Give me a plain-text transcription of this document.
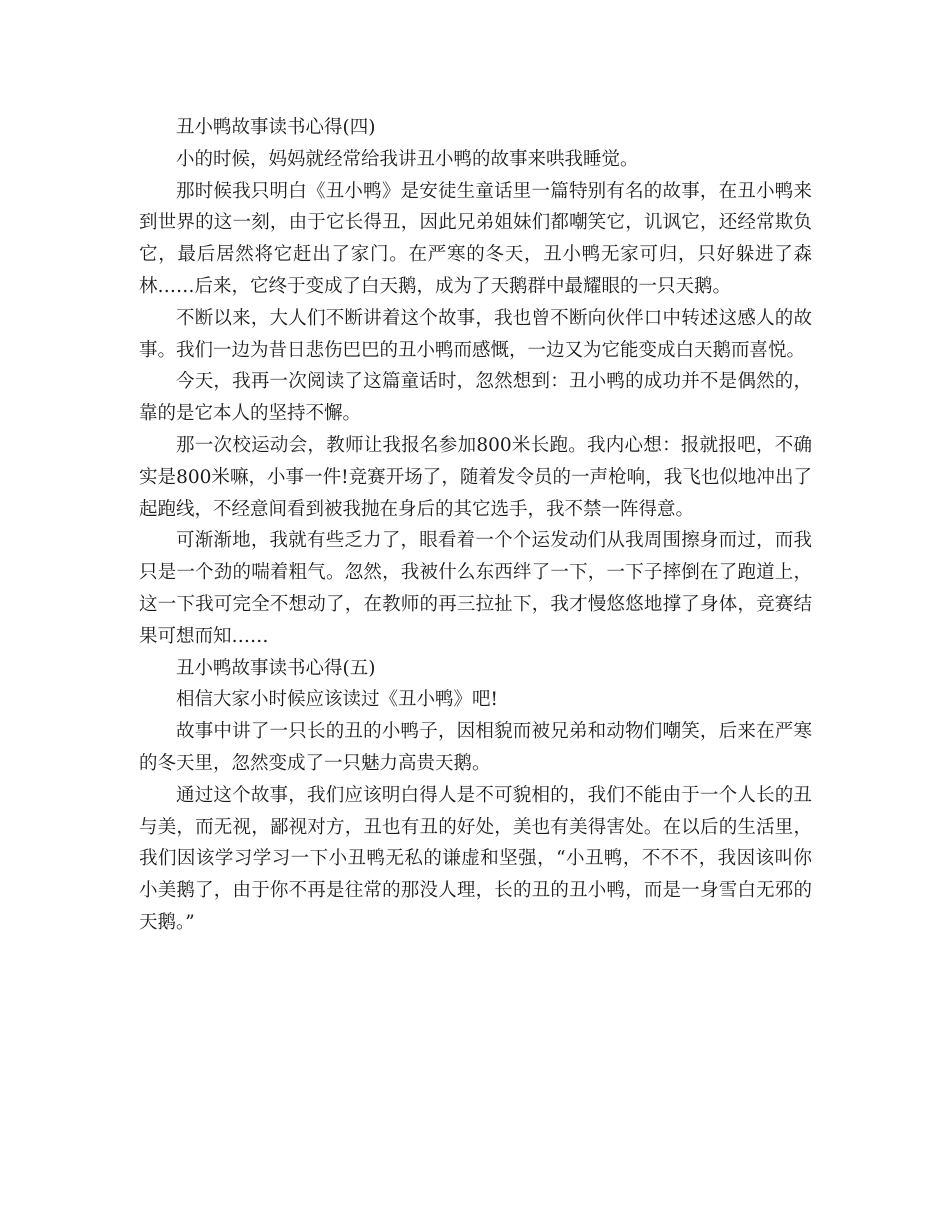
丑小鸭故事读书心得(四)

小的时候，妈妈就经常给我讲丑小鸭的故事来哄我睡觉。

那时候我只明白《丑小鸭》是安徒生童话里一篇特别有名的故事，在丑小鸭来到世界的这一刻，由于它长得丑，因此兄弟姐妹们都嘲笑它，讥讽它，还经常欺负它，最后居然将它赶出了家门。在严寒的冬天，丑小鸭无家可归，只好躲进了森林……后来，它终于变成了白天鹅，成为了天鹅群中最耀眼的一只天鹅。

不断以来，大人们不断讲着这个故事，我也曾不断向伙伴口中转述这感人的故事。我们一边为昔日悲伤巴巴的丑小鸭而感慨，一边又为它能变成白天鹅而喜悦。

今天，我再一次阅读了这篇童话时，忽然想到：丑小鸭的成功并不是偶然的，靠的是它本人的坚持不懈。

那一次校运动会，教师让我报名参加800米长跑。我内心想：报就报吧，不确实是800米嘛，小事一件!竞赛开场了，随着发令员的一声枪响，我飞也似地冲出了起跑线，不经意间看到被我抛在身后的其它选手，我不禁一阵得意。

可渐渐地，我就有些乏力了，眼看着一个个运发动们从我周围擦身而过，而我只是一个劲的喘着粗气。忽然，我被什么东西绊了一下，一下子摔倒在了跑道上，这一下我可完全不想动了，在教师的再三拉扯下，我才慢悠悠地撑了身体，竞赛结果可想而知……

丑小鸭故事读书心得(五)

相信大家小时候应该读过《丑小鸭》吧!

故事中讲了一只长的丑的小鸭子，因相貌而被兄弟和动物们嘲笑，后来在严寒的冬天里，忽然变成了一只魅力高贵天鹅。

通过这个故事，我们应该明白得人是不可貌相的，我们不能由于一个人长的丑与美，而无视，鄙视对方，丑也有丑的好处，美也有美得害处。在以后的生活里，我们因该学习学习一下小丑鸭无私的谦虚和坚强，“小丑鸭，不不不，我因该叫你小美鹅了，由于你不再是往常的那没人理，长的丑的丑小鸭，而是一身雪白无邪的天鹅。”
